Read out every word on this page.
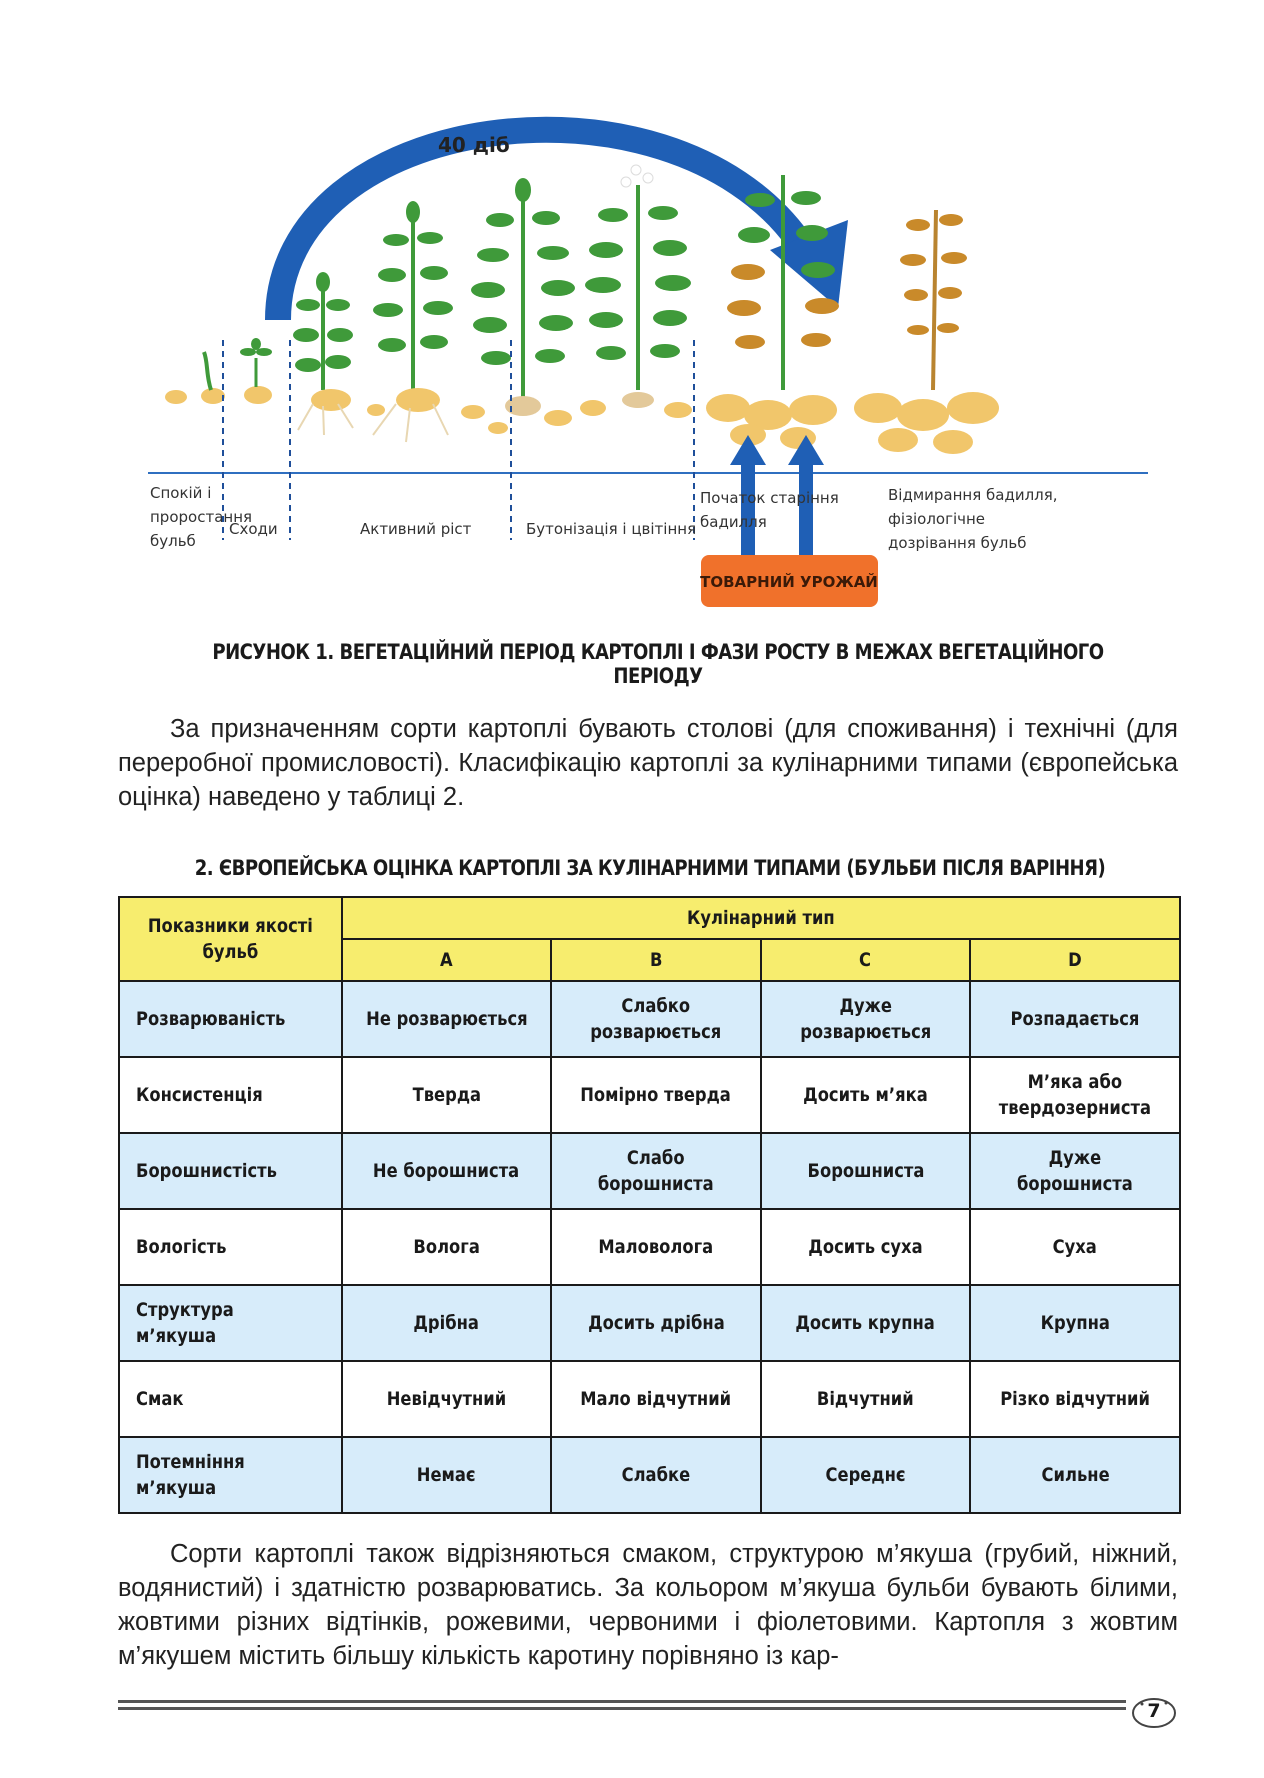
40 діб
ТОВАРНИЙ УРОЖАЙ
Спокій і
проростання
бульб
Сходи	Активний ріст	Бутонізація і цвітіння
Початок старіння
бадилля
Відмирання бадилля,
фізіологічне
дозрівання бульб
РИСУНОК 1. ВЕГЕТАЦІЙНИЙ ПЕРІОД КАРТОПЛІ І ФАЗИ РОСТУ В МЕЖАХ ВЕГЕТАЦІЙНОГО ПЕРІОДУ
За призначенням сорти картоплі бувають столові (для споживання) і технічні (для переробної промисловості). Класифікацію картоплі за кулінарними типами (європейська оцінка) наведено у таблиці 2.
2. ЄВРОПЕЙСЬКА ОЦІНКА КАРТОПЛІ ЗА КУЛІНАРНИМИ ТИПАМИ (БУЛЬБИ ПІСЛЯ ВАРІННЯ)
Показники якості бульб	Кулінарний тип			
	A	B	C	D
Розварюваність	Не розварюється	Слабко розварюється	Дуже розварюється	Розпадається
Консистенція	Тверда	Помірно тверда	Досить м’яка	М’яка або твердозерниста
Борошнистість	Не борошниста	Слабо борошниста	Борошниста	Дуже борошниста
Вологість	Волога	Маловолога	Досить суха	Суха
Структура м’якуша	Дрібна	Досить дрібна	Досить крупна	Крупна
Смак	Невідчутний	Мало відчутний	Відчутний	Різко відчутний
Потемніння м’якуша	Немає	Слабке	Середнє	Сильне
Сорти картоплі також відрізняються смаком, структурою м’якуша (грубий, ніжний, водянистий) і здатністю розварюватись. За кольором м’якуша бульби бувають білими, жовтими різних відтінків, рожевими, червоними і фіолетовими. Картопля з жовтим м’якушем містить більшу кількість каротину порівняно із кар-
7
